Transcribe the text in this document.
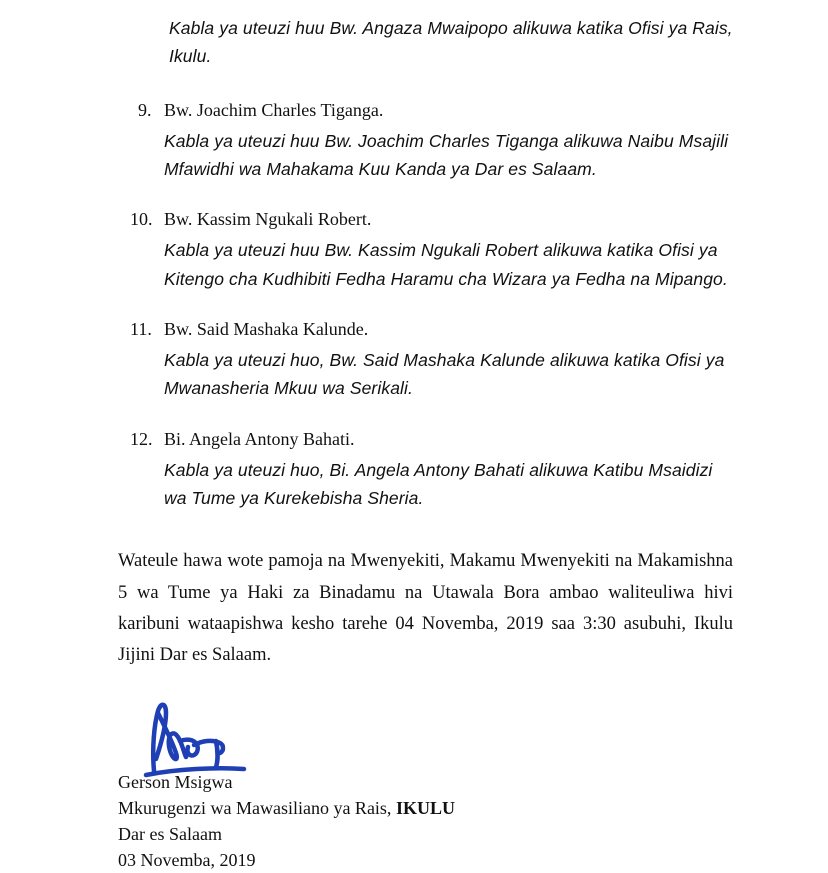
Kabla ya uteuzi huu Bw. Angaza Mwaipopo alikuwa katika Ofisi ya Rais, Ikulu.

9. Bw. Joachim Charles Tiganga.
Kabla ya uteuzi huu Bw. Joachim Charles Tiganga alikuwa Naibu Msajili Mfawidhi wa Mahakama Kuu Kanda ya Dar es Salaam.
10. Bw. Kassim Ngukali Robert.
Kabla ya uteuzi huu Bw. Kassim Ngukali Robert alikuwa katika Ofisi ya Kitengo cha Kudhibiti Fedha Haramu cha Wizara ya Fedha na Mipango.
11. Bw. Said Mashaka Kalunde.
Kabla ya uteuzi huo, Bw. Said Mashaka Kalunde alikuwa katika Ofisi ya Mwanasheria Mkuu wa Serikali.
12. Bi. Angela Antony Bahati.
Kabla ya uteuzi huo, Bi. Angela Antony Bahati alikuwa Katibu Msaidizi wa Tume ya Kurekebisha Sheria.

Wateule hawa wote pamoja na Mwenyekiti, Makamu Mwenyekiti na Makamishna 5 wa Tume ya Haki za Binadamu na Utawala Bora ambao waliteuliwa hivi karibuni wataapishwa kesho tarehe 04 Novemba, 2019 saa 3:30 asubuhi, Ikulu Jijini Dar es Salaam.

Gerson Msigwa
Mkurugenzi wa Mawasiliano ya Rais, IKULU
Dar es Salaam
03 Novemba, 2019
